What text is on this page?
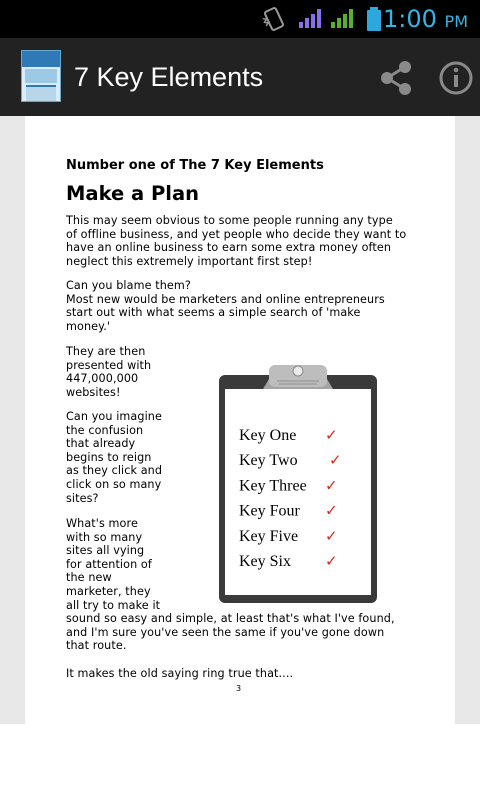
1:00 PM
7 Key Elements
Number one of The 7 Key Elements
Make a Plan
This may seem obvious to some people running any type
of offline business, and yet people who decide they want to
have an online business to earn some extra money often
neglect this extremely important first step!
Can you blame them?
Most new would be marketers and online entrepreneurs
start out with what seems a simple search of 'make
money.'
They are then
presented with
447,000,000
websites!
Can you imagine
the confusion
that already
begins to reign
as they click and
click on so many
sites?
What's more
with so many
sites all vying
for attention of
the new
marketer, they
all try to make it
sound so easy and simple, at least that's what I've found,
and I'm sure you've seen the same if you've gone down
that route.
It makes the old saying ring true that....
3
Key One
Key Two
Key Three
Key Four
Key Five
Key Six
✓
✓
✓
✓
✓
✓
